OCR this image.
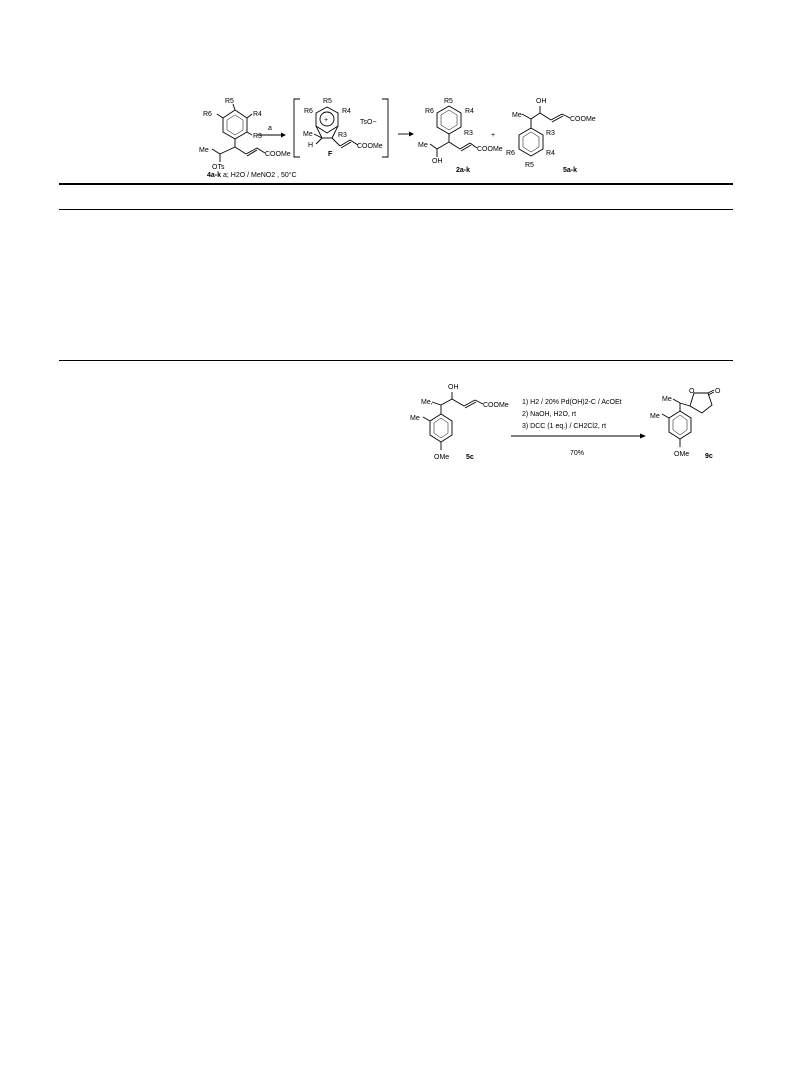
R5
R4
R3
R6
Me
COOMe
OTs
4a-k a; H2O / MeNO2 , 50°C
a
+
R5
R4
R3
R6
TsO−
Me
H	COOMe
F
R5
R4
R3
R6
Me
COOMe
OH
2a-k
+
OH
Me
COOMe
R3
R4
R5
R6
5a-k
OH
Me,	COOMe
Me
OMe 5c
1) H2 / 20% Pd(OH)2-C / AcOEt
2) NaOH, H2O, rt
3) DCC (1 eq.) / CH2Cl2, rt
70%
O	O
Me
Me
OMe 9c
